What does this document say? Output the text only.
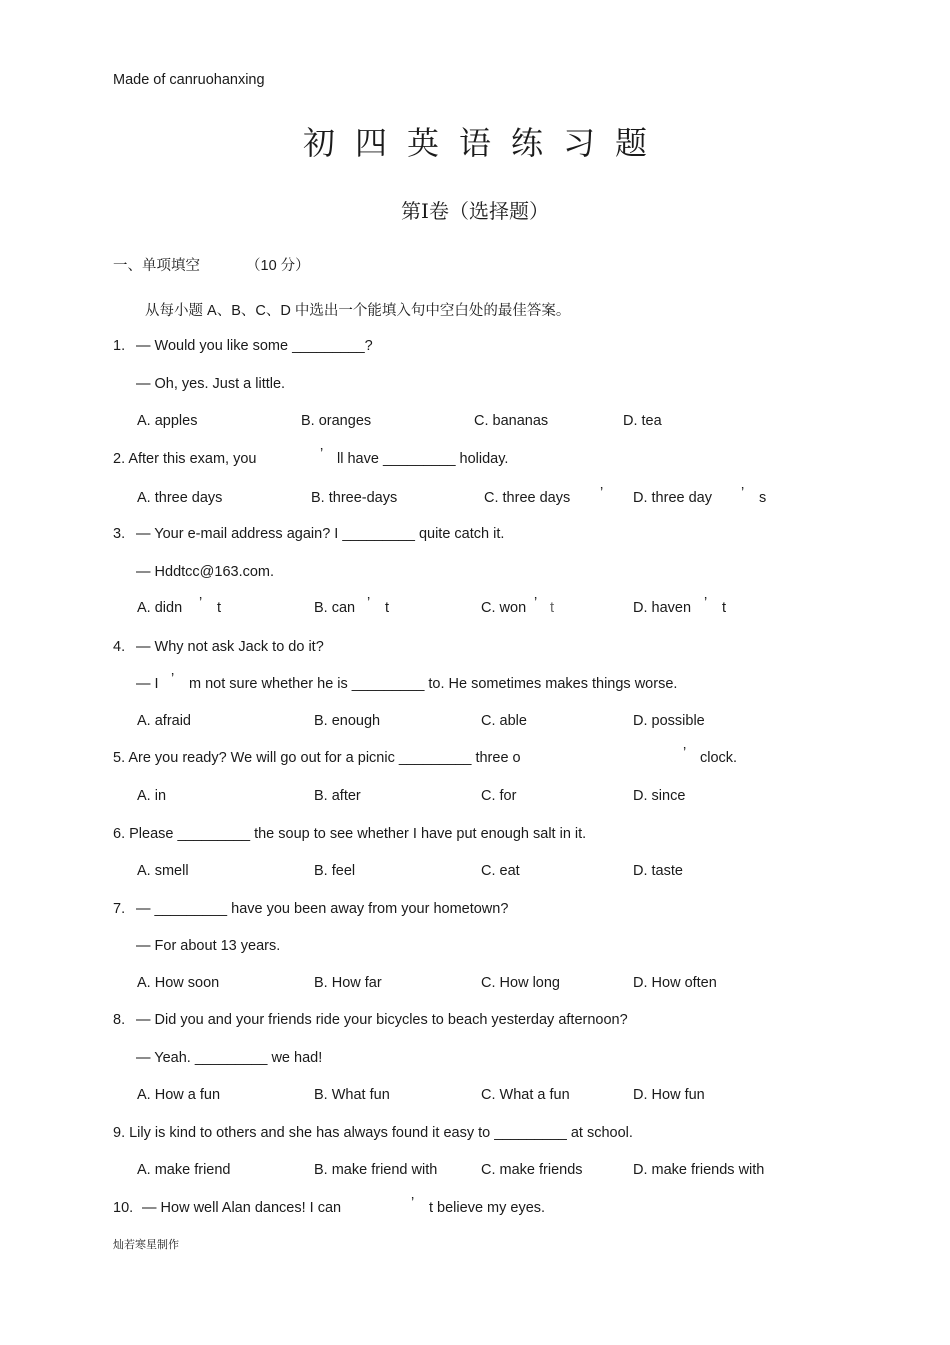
Made of canruohanxing
初四英语练习题
第Ⅰ卷（选择题）
一、单项填空	（10 分）
从每小题 A、B、C、D 中选出一个能填入句中空白处的最佳答案。
1. — Would you like some _________?
— Oh, yes. Just a little.
A. apples	B. oranges	C. bananas	D. tea
2. After this exam, you	’ ll have _________ holiday.
A. three days	B. three-days	C. three days ’ D. three day ’ s
3. — Your e-mail address again? I _________ quite catch it.
— Hddtcc@163.com.
A. didn ’ t	B. can ’ t	C. won ’ t	D. haven ’ t
4. — Why not ask Jack to do it?
— I ’ m not sure whether he is _________ to. He sometimes makes things worse.
A. afraid	B. enough	C. able	D. possible
5. Are you ready? We will go out for a picnic _________ three o	’ clock.
A. in	B. after	C. for	D. since
6. Please _________ the soup to see whether I have put enough salt in it.
A. smell	B. feel	C. eat	D. taste
7. — _________ have you been away from your hometown?
— For about 13 years.
A. How soon	B. How far	C. How long	D. How often
8. — Did you and your friends ride your bicycles to beach yesterday afternoon?
— Yeah. _________ we had!
A. How a fun	B. What fun	C. What a fun	D. How fun
9. Lily is kind to others and she has always found it easy to _________ at school.
A. make friend	B. make friend with	C. make friends	D. make friends with
10. — How well Alan dances! I can	’ t believe my eyes.
灿若寒星制作
